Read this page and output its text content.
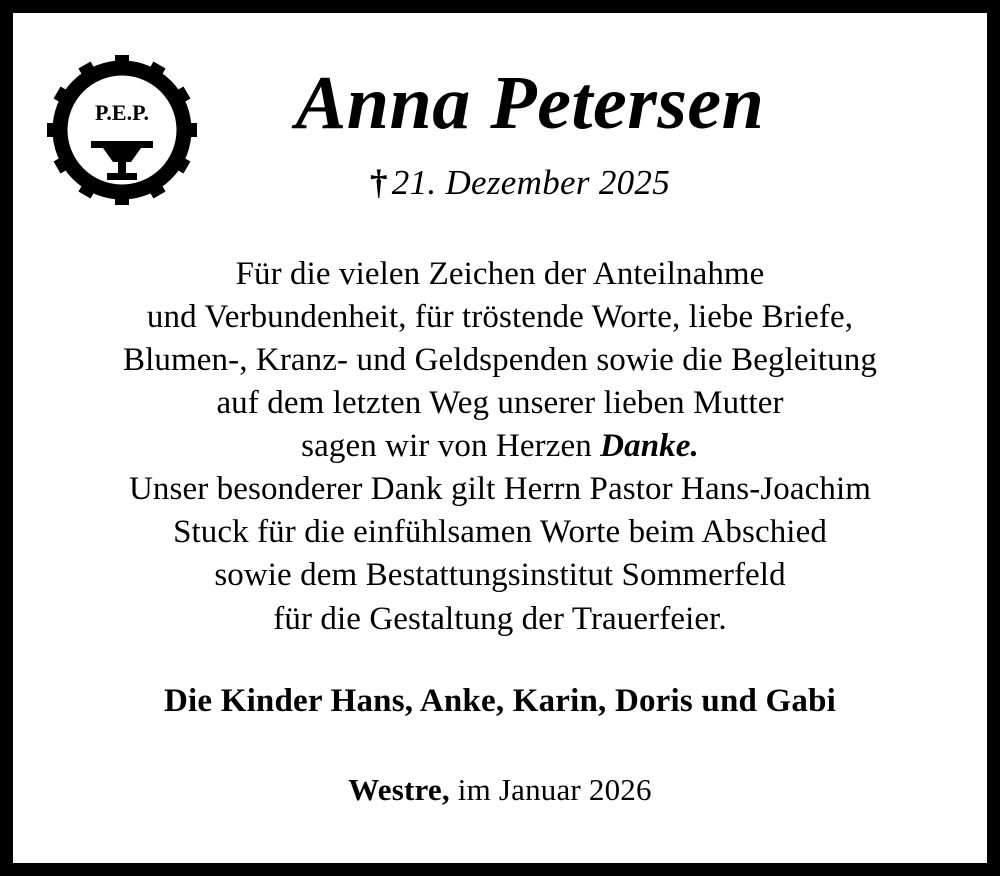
P.E.P.	Anna Petersen
† 21. Dezember 2025
Für die vielen Zeichen der Anteilnahme
und Verbundenheit, für tröstende Worte, liebe Briefe,
Blumen-, Kranz- und Geldspenden sowie die Begleitung
auf dem letzten Weg unserer lieben Mutter
sagen wir von Herzen Danke.
Unser besonderer Dank gilt Herrn Pastor Hans-Joachim
Stuck für die einfühlsamen Worte beim Abschied
sowie dem Bestattungsinstitut Sommerfeld
für die Gestaltung der Trauerfeier.
Die Kinder Hans, Anke, Karin, Doris und Gabi
Westre, im Januar 2026
